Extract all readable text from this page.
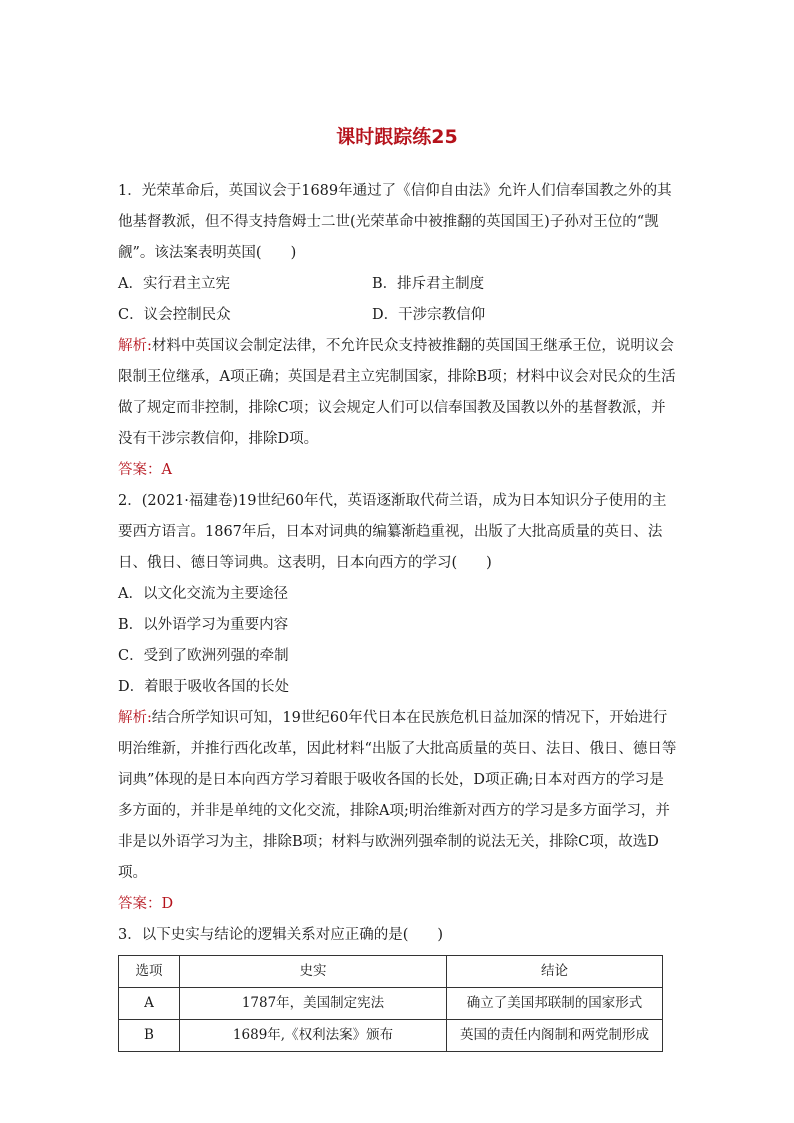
课时跟踪练25

1．光荣革命后，英国议会于1689年通过了《信仰自由法》允许人们信奉国教之外的其他基督教派，但不得支持詹姆士二世(光荣革命中被推翻的英国国王)子孙对王位的“觊觎”。该法案表明英国(　　)

A．实行君主立宪	B．排斥君主制度
C．议会控制民众	D．干涉宗教信仰

解析:材料中英国议会制定法律，不允许民众支持被推翻的英国国王继承王位，说明议会限制王位继承，A项正确；英国是君主立宪制国家，排除B项；材料中议会对民众的生活做了规定而非控制，排除C项；议会规定人们可以信奉国教及国教以外的基督教派，并没有干涉宗教信仰，排除D项。

答案：A

2．(2021·福建卷)19世纪60年代，英语逐渐取代荷兰语，成为日本知识分子使用的主要西方语言。1867年后，日本对词典的编纂渐趋重视，出版了大批高质量的英日、法日、俄日、德日等词典。这表明，日本向西方的学习(　　)

A．以文化交流为主要途径
B．以外语学习为重要内容
C．受到了欧洲列强的牵制
D．着眼于吸收各国的长处

解析:结合所学知识可知，19世纪60年代日本在民族危机日益加深的情况下，开始进行明治维新，并推行西化改革，因此材料“出版了大批高质量的英日、法日、俄日、德日等词典”体现的是日本向西方学习着眼于吸收各国的长处，D项正确;日本对西方的学习是多方面的，并非是单纯的文化交流，排除A项;明治维新对西方的学习是多方面学习，并非是以外语学习为主，排除B项；材料与欧洲列强牵制的说法无关，排除C项，故选D项。

答案：D

3．以下史实与结论的逻辑关系对应正确的是(　　)

选项	史实	结论
A	1787年，美国制定宪法	确立了美国邦联制的国家形式
B	1689年,《权利法案》颁布	英国的责任内阁制和两党制形成
